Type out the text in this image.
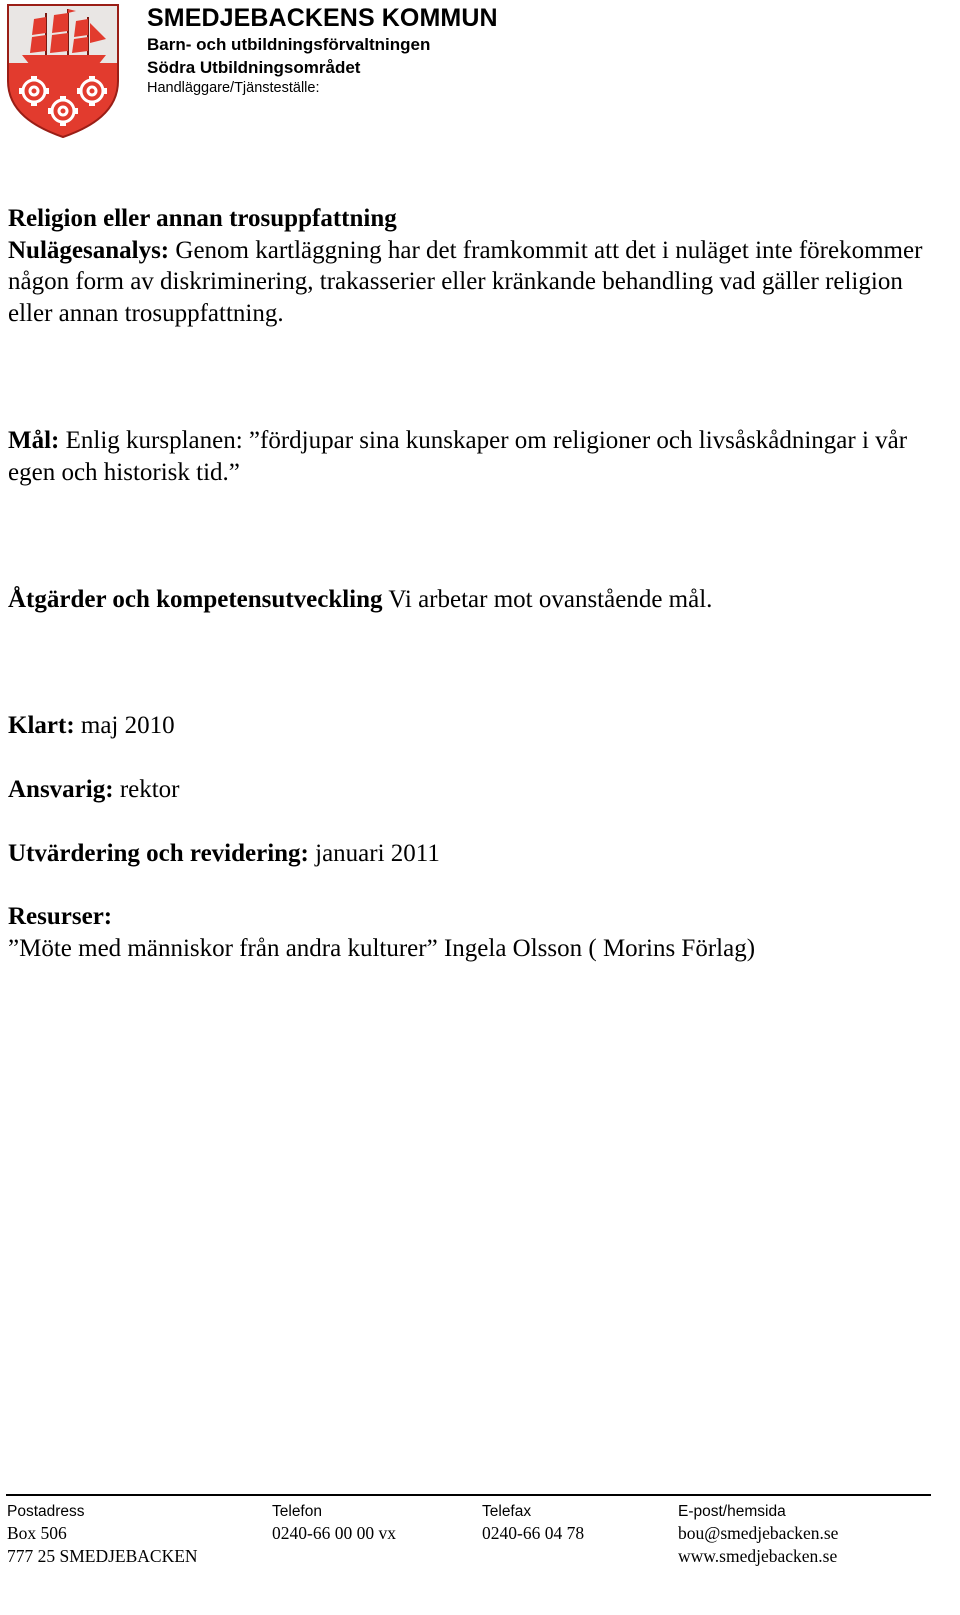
SMEDJEBACKENS KOMMUN
Barn- och utbildningsförvaltningen
Södra Utbildningsområdet
Handläggare/Tjänsteställe:
Religion eller annan trosuppfattning
Nulägesanalys: Genom kartläggning har det framkommit att det i nuläget inte förekommer någon form av diskriminering, trakasserier eller kränkande behandling vad gäller religion eller annan trosuppfattning.
Mål: Enlig kursplanen: ”fördjupar sina kunskaper om religioner och livsåskådningar i vår egen och historisk tid.”
Åtgärder och kompetensutveckling Vi arbetar mot ovanstående mål.
Klart: maj 2010
Ansvarig: rektor
Utvärdering och revidering: januari 2011
Resurser:
”Möte med människor från andra kulturer” Ingela Olsson ( Morins Förlag)
Postadress
Box 506
777 25 SMEDJEBACKEN
Telefon
0240-66 00 00 vx
Telefax
0240-66 04 78
E-post/hemsida
bou@smedjebacken.se
www.smedjebacken.se
